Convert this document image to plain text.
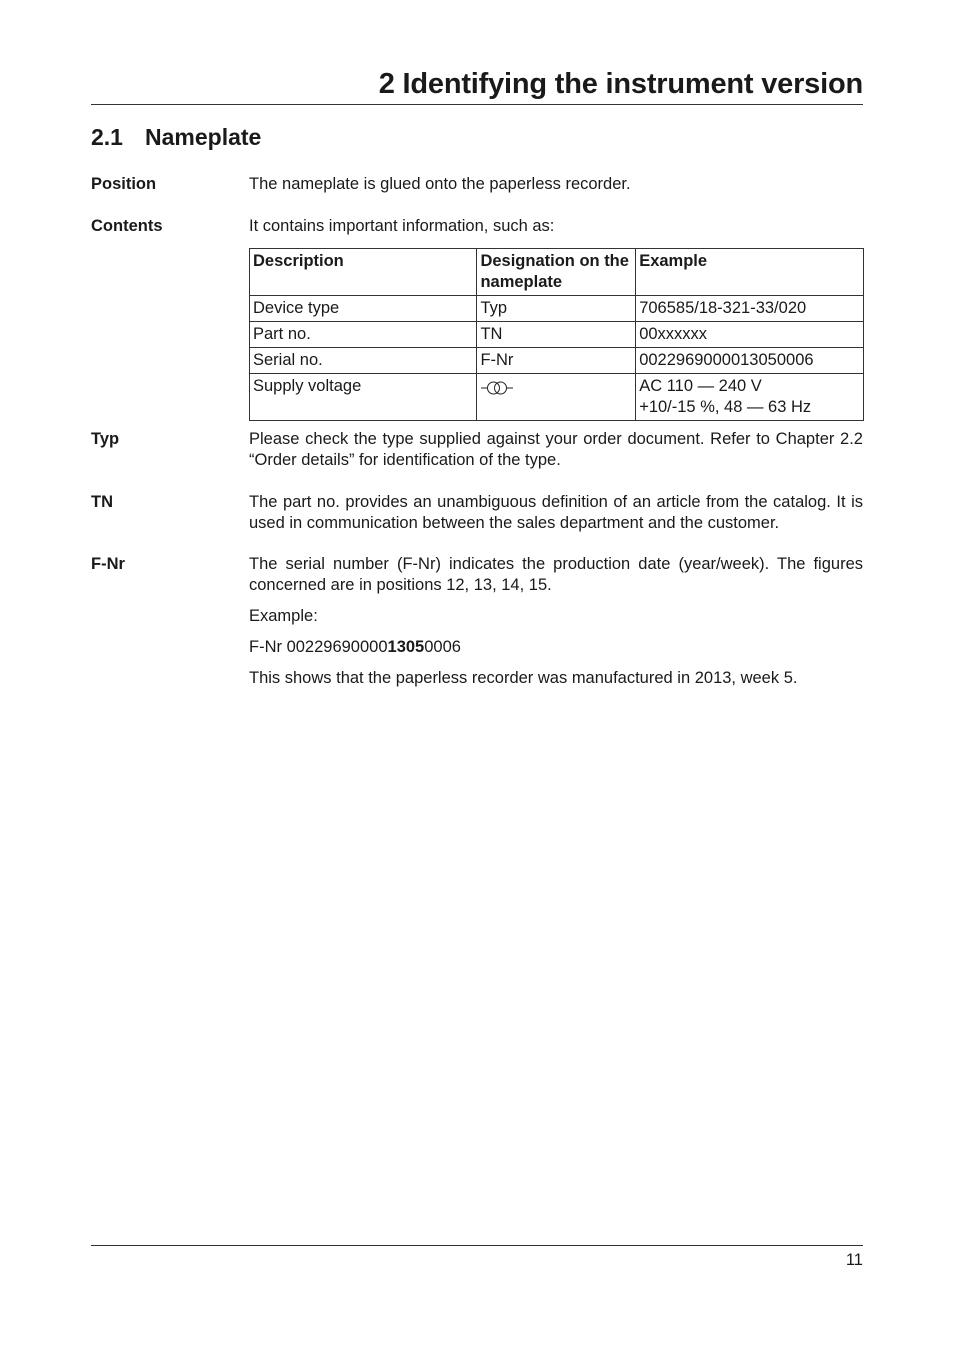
2 Identifying the instrument version
2.1 Nameplate
Position	The nameplate is glued onto the paperless recorder.
Contents	It contains important information, such as:
Description	Designation on the nameplate	Example
Device type	Typ	706585/18-321-33/020
Part no.	TN	00xxxxxx
Serial no.	F-Nr	0022969000013050006
Supply voltage		AC 110 — 240 V
+10/-15 %, 48 — 63 Hz
Typ	Please check the type supplied against your order document. Refer to Chapter 2.2 “Order details” for identification of the type.
TN	The part no. provides an unambiguous definition of an article from the catalog. It is used in communication between the sales department and the customer.
F-Nr	The serial number (F-Nr) indicates the production date (year/week). The figures concerned are in positions 12, 13, 14, 15.

Example:

F-Nr 0022969000013050006

This shows that the paperless recorder was manufactured in 2013, week 5.

11
